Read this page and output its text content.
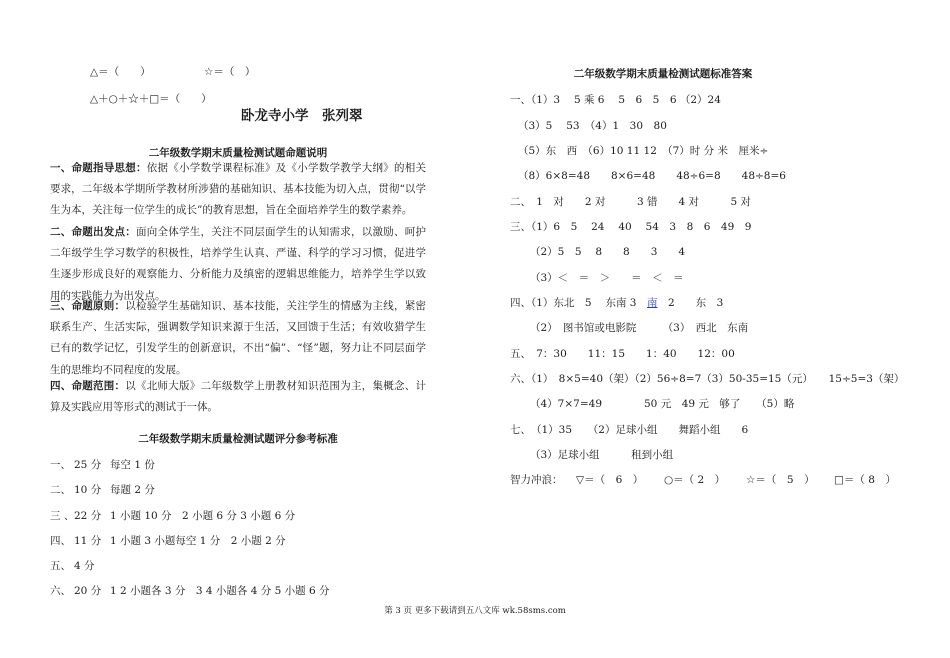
△＝（　　）	☆＝（　）
△＋○＋☆＋□＝（　　）
卧龙寺小学　张列翠
二年级数学期末质量检测试题命题说明
一、命题指导思想：依据《小学数学课程标准》及《小学数学教学大纲》的相关要求，二年级本学期所学教材所涉猎的基础知识、基本技能为切入点，贯彻“以学生为本，关注每一位学生的成长”的教育思想，旨在全面培养学生的数学素养。
二、命题出发点：面向全体学生，关注不同层面学生的认知需求，以激励、呵护二年级学生学习数学的积极性，培养学生认真、严谨、科学的学习习惯，促进学生逐步形成良好的观察能力、分析能力及缜密的逻辑思维能力，培养学生学以致用的实践能力为出发点。
三、命题原则：以检验学生基础知识、基本技能，关注学生的情感为主线，紧密联系生产、生活实际，强调数学知识来源于生活，又回馈于生活；有效收猎学生已有的数学记忆，引发学生的创新意识，不出“偏”、“怪”题，努力让不同层面学生的思维均不同程度的发展。
四、命题范围：以《北师大版》二年级数学上册教材知识范围为主，集概念、计算及实践应用等形式的测试于一体。
二年级数学期末质量检测试题评分参考标准
一、 25 分 每空 1 份
二、 10 分 每题 2 分
三 、22 分 1 小题 10 分　2 小题 6 分 3 小题 6 分
四、 11 分 1 小题 3 小题每空 1 分　2 小题 2 分
五、 4 分
六、 20 分 1 2 小题各 3 分　3 4 小题各 4 分 5 小题 6 分
二年级数学期末质量检测试题标准答案
一、（1）3　 5 乘 6　 5　6　5　6 （2）24
（3）5　 53　（4）1　30　80
（5）东　西　（6）10 11 12　（7）时 分 米　厘米÷
（8）6×8=48　　8×6=48　　48÷6=8　　48÷8=6
二、　1　对　　2 对　　　3 错　　4 对　　　5 对
三、（1）6　5　 24　 40　 54　3　8　6　49　9
（2）5　5　 8　　8　　3　　4
（3）＜　＝　＞　　＝　＜　＝
四、（1）东北　5　 东南 3　南　2　　东　3
（2）　图书馆或电影院　　　（3）　西北　东南
五、　7：30　　11：15　　1：40　　12：00
六、（1）　8×5=40（架）（2）56÷8=7（3）50-35=15（元）　　15÷5=3（架）
（4）7×7=49　　　　50 元　49 元　够了　　（5）略
七、　（1）35　　（2）足球小组　　舞蹈小组　　6
（3）足球小组　　　租到小组
智力冲浪： ▽＝（　6　） ○＝（ 2　） ☆＝（　5　） □＝（ 8　）
第 3 页 更多下载请到五八文库 wk.58sms.com
